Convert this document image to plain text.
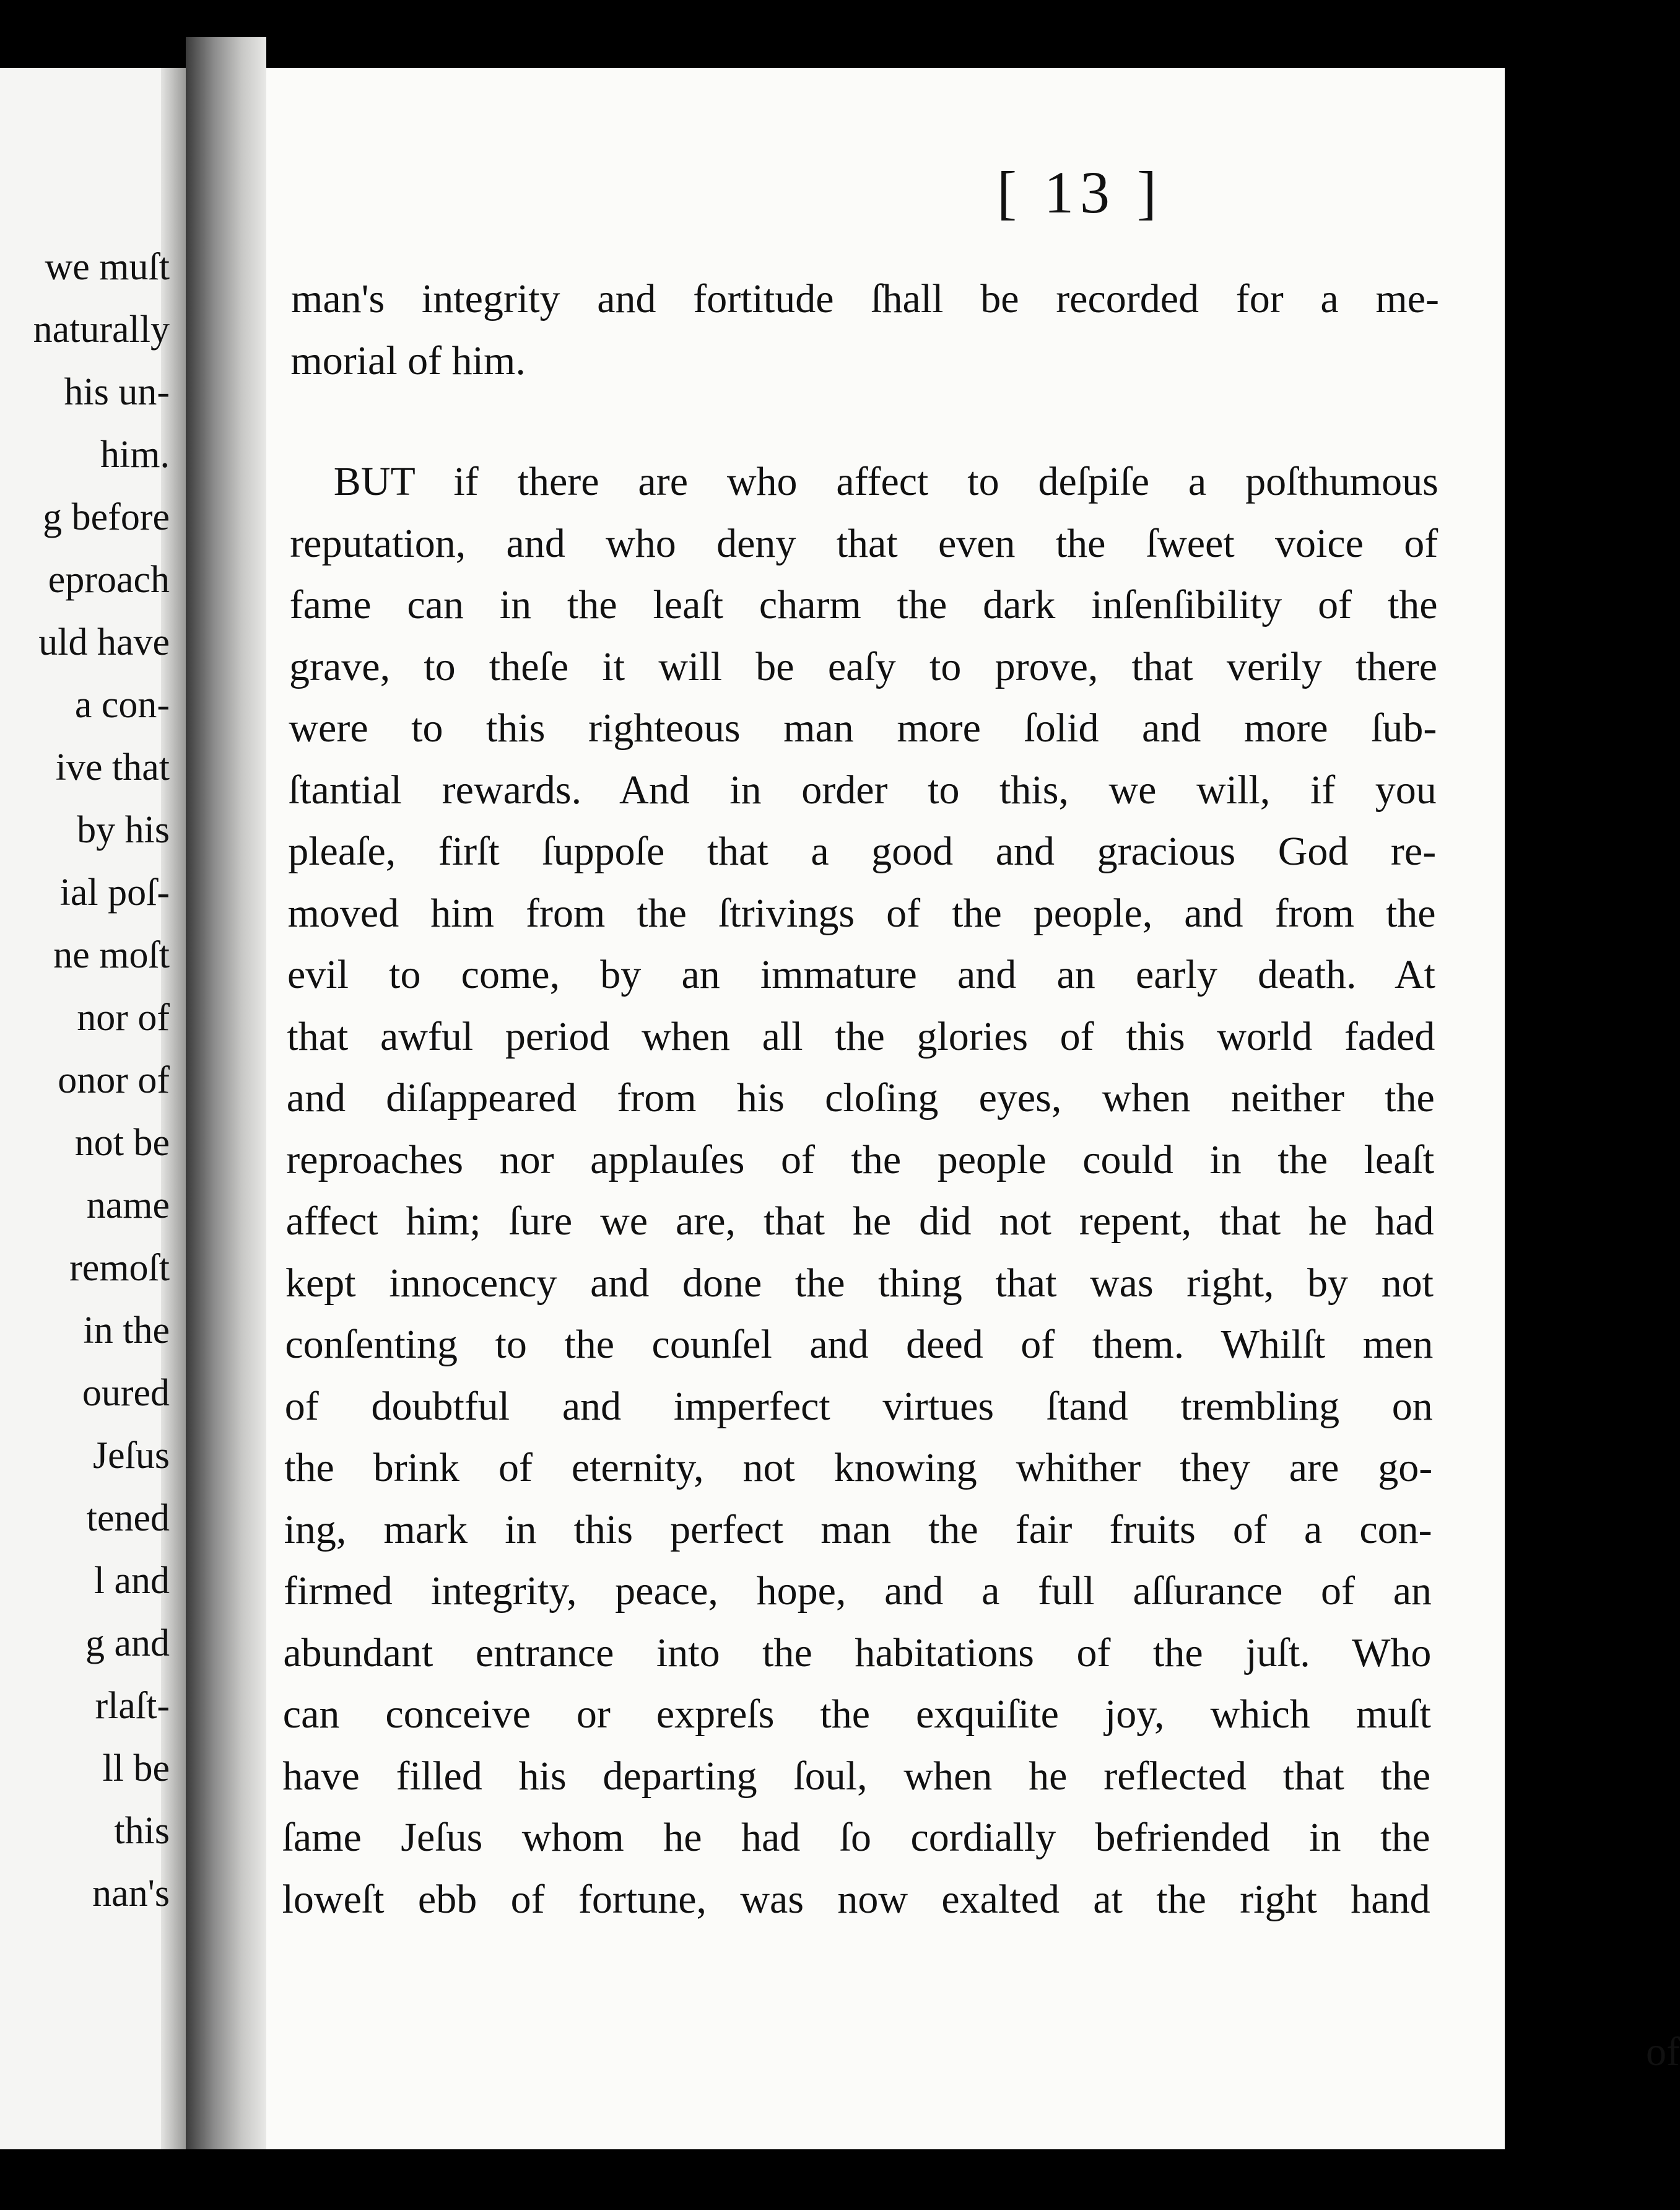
we muſt
naturally
his un-
him.
g before
eproach
uld have
a con-
ive that
by his
ial poſ-
ne moſt
nor of
onor of
not be
name
remoſt
in the
oured
Jeſus
tened
l and
g and
rlaſt-
ll be
this
nan's
[ 13 ]
man's integrity and fortitude ſhall be recorded for a me-
morial of him.
BUT if there are who affect to deſpiſe a poſthumous
reputation, and who deny that even the ſweet voice of
fame can in the leaſt charm the dark inſenſibility of the
grave, to theſe it will be eaſy to prove, that verily there
were to this righteous man more ſolid and more ſub-
ſtantial rewards. And in order to this, we will, if you
pleaſe, firſt ſuppoſe that a good and gracious God re-
moved him from the ſtrivings of the people, and from the
evil to come, by an immature and an early death. At
that awful period when all the glories of this world faded
and diſappeared from his cloſing eyes, when neither the
reproaches nor applauſes of the people could in the leaſt
affect him; ſure we are, that he did not repent, that he had
kept innocency and done the thing that was right, by not
conſenting to the counſel and deed of them. Whilſt men
of doubtful and imperfect virtues ſtand trembling on
the brink of eternity, not knowing whither they are go-
ing, mark in this perfect man the fair fruits of a con-
firmed integrity, peace, hope, and a full aſſurance of an
abundant entrance into the habitations of the juſt. Who
can conceive or expreſs the exquiſite joy, which muſt
have filled his departing ſoul, when he reflected that the
ſame Jeſus whom he had ſo cordially befriended in the
loweſt ebb of fortune, was now exalted at the right hand
of
